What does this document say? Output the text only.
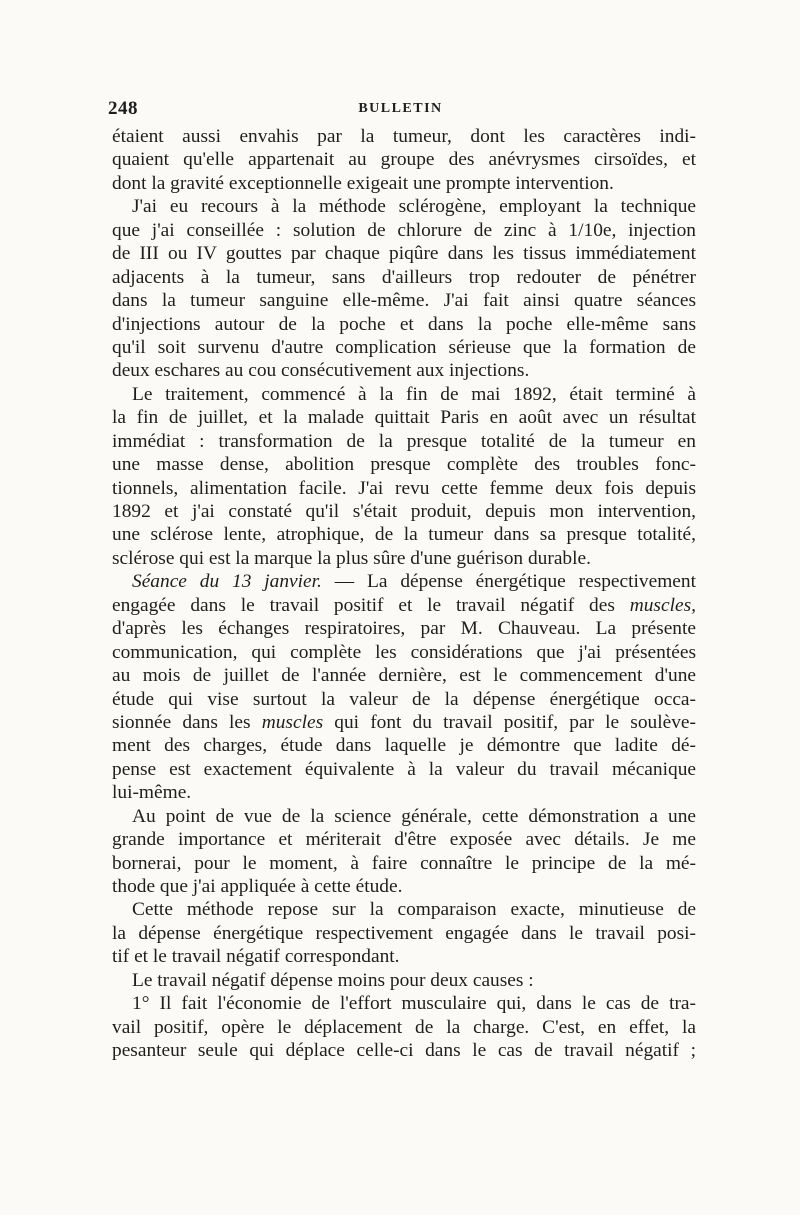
248	BULLETIN
étaient aussi envahis par la tumeur, dont les caractères indi-
quaient qu'elle appartenait au groupe des anévrysmes cirsoïdes, et
dont la gravité exceptionnelle exigeait une prompte intervention.
J'ai eu recours à la méthode sclérogène, employant la technique
que j'ai conseillée : solution de chlorure de zinc à 1/10e, injection
de III ou IV gouttes par chaque piqûre dans les tissus immédiatement
adjacents à la tumeur, sans d'ailleurs trop redouter de pénétrer
dans la tumeur sanguine elle-même. J'ai fait ainsi quatre séances
d'injections autour de la poche et dans la poche elle-même sans
qu'il soit survenu d'autre complication sérieuse que la formation de
deux eschares au cou consécutivement aux injections.
Le traitement, commencé à la fin de mai 1892, était terminé à
la fin de juillet, et la malade quittait Paris en août avec un résultat
immédiat : transformation de la presque totalité de la tumeur en
une masse dense, abolition presque complète des troubles fonc-
tionnels, alimentation facile. J'ai revu cette femme deux fois depuis
1892 et j'ai constaté qu'il s'était produit, depuis mon intervention,
une sclérose lente, atrophique, de la tumeur dans sa presque totalité,
sclérose qui est la marque la plus sûre d'une guérison durable.
Séance du 13 janvier. — La dépense énergétique respectivement
engagée dans le travail positif et le travail négatif des muscles,
d'après les échanges respiratoires, par M. Chauveau. La présente
communication, qui complète les considérations que j'ai présentées
au mois de juillet de l'année dernière, est le commencement d'une
étude qui vise surtout la valeur de la dépense énergétique occa-
sionnée dans les muscles qui font du travail positif, par le soulève-
ment des charges, étude dans laquelle je démontre que ladite dé-
pense est exactement équivalente à la valeur du travail mécanique
lui-même.
Au point de vue de la science générale, cette démonstration a une
grande importance et mériterait d'être exposée avec détails. Je me
bornerai, pour le moment, à faire connaître le principe de la mé-
thode que j'ai appliquée à cette étude.
Cette méthode repose sur la comparaison exacte, minutieuse de
la dépense énergétique respectivement engagée dans le travail posi-
tif et le travail négatif correspondant.
Le travail négatif dépense moins pour deux causes :
1° Il fait l'économie de l'effort musculaire qui, dans le cas de tra-
vail positif, opère le déplacement de la charge. C'est, en effet, la
pesanteur seule qui déplace celle-ci dans le cas de travail négatif ;
